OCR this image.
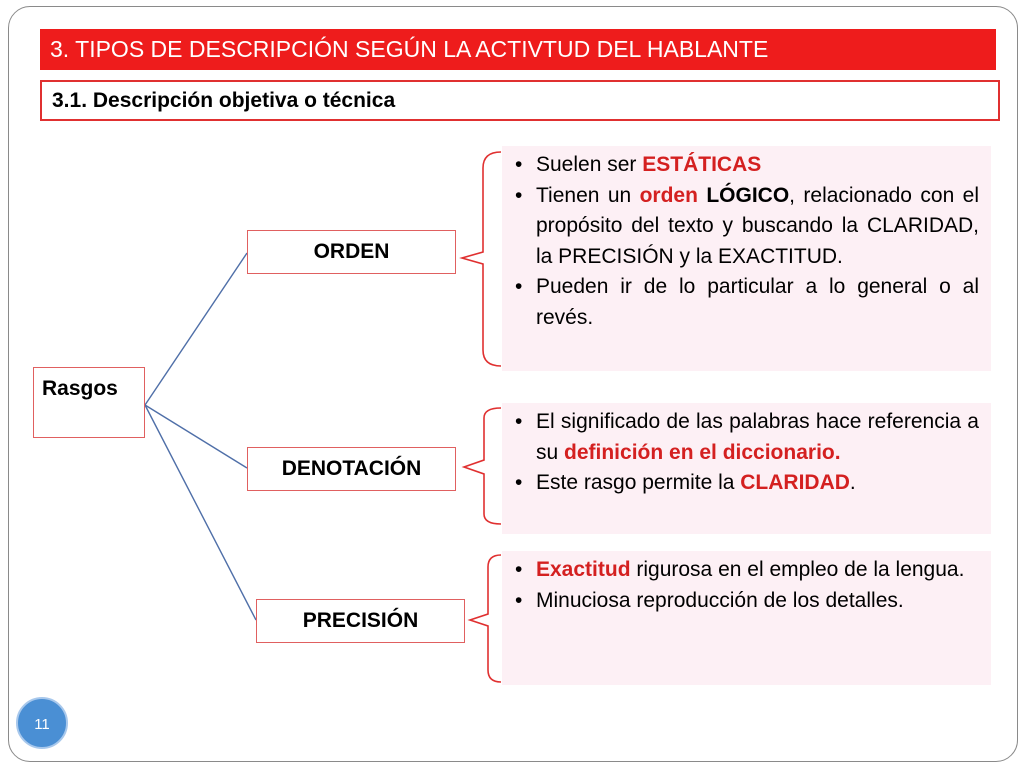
3. TIPOS DE DESCRIPCIÓN SEGÚN LA ACTIVTUD DEL HABLANTE
3.1. Descripción objetiva o técnica
Rasgos
ORDEN
DENOTACIÓN
PRECISIÓN
• Suelen ser ESTÁTICAS
• Tienen un orden LÓGICO, relacionado con el propósito del texto y buscando la CLARIDAD, la PRECISIÓN y la EXACTITUD.
• Pueden ir de lo particular a lo general o al revés.
• El significado de las palabras hace referencia a su definición en el diccionario.
• Este rasgo permite la CLARIDAD.
• Exactitud rigurosa en el empleo de la lengua.
• Minuciosa reproducción de los detalles.
11
